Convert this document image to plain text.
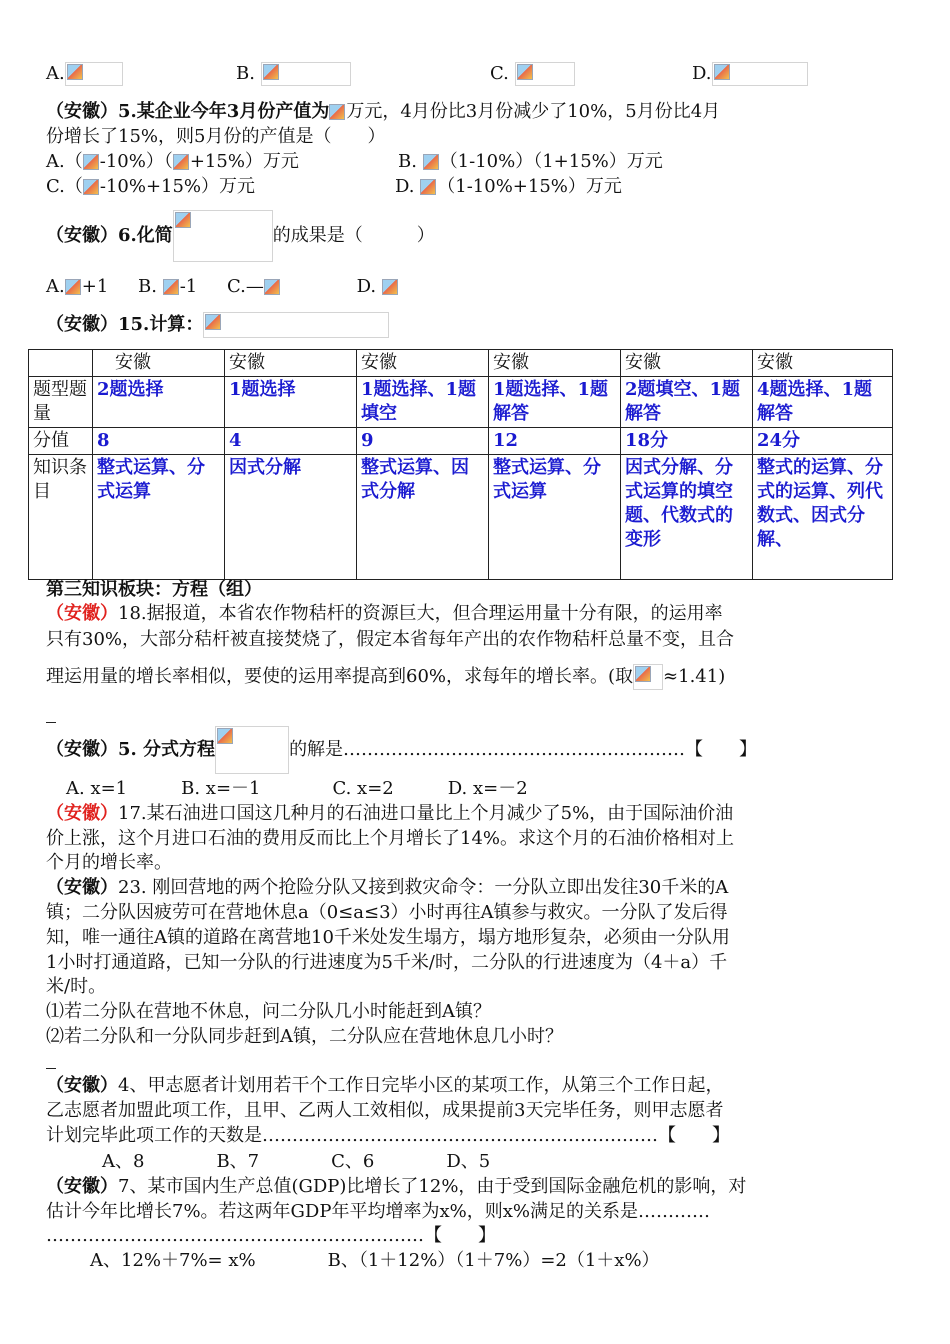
A.	B.	C.	D.
（安徽）5.某企业今年3月份产值为 万元，4月份比3月份减少了10%，5月份比4月
份增长了15%，则5月份的产值是（　　）
A.（ -10%）（ +15%）万元	B. （1-10%）（1+15%）万元
C.（ -10%+15%）万元	D. （1-10%+15%）万元
（安徽）6.化简	的成果是（　　　）
A. +1 B. -1 C.—	D.
（安徽）15.计算：
	安徽	安徽	安徽	安徽	安徽	安徽
题型题量	2题选择	1题选择	1题选择、1题填空	1题选择、1题解答	2题填空、1题解答	4题选择、1题解答
分值	8	4	9	12	18分	24分
知识条目	整式运算、分式运算	因式分解	整式运算、因式分解	整式运算、分式运算	因式分解、分式运算的填空题、代数式的变形	整式的运算、分式的运算、列代数式、因式分解、
第三知识板块：方程（组）
（安徽）18.据报道，本省农作物秸杆的资源巨大，但合理运用量十分有限，的运用率
只有30%，大部分秸杆被直接焚烧了，假定本省每年产出的农作物秸杆总量不变，且合
理运用量的增长率相似，要使的运用率提高到60%，求每年的增长率。(取 ≈1.41)
（安徽）5. 分式方程	的解是…………………………………………………【　　】
A. x=1　　　B. x=－1　　　　C. x=2　　　D. x=－2
（安徽）17.某石油进口国这几种月的石油进口量比上个月减少了5%，由于国际油价油
价上涨，这个月进口石油的费用反而比上个月增长了14%。求这个月的石油价格相对上
个月的增长率。
（安徽）23. 刚回营地的两个抢险分队又接到救灾命令：一分队立即出发往30千米的A
镇；二分队因疲劳可在营地休息a（0≤a≤3）小时再往A镇参与救灾。一分队了发后得
知，唯一通往A镇的道路在离营地10千米处发生塌方，塌方地形复杂，必须由一分队用
1小时打通道路，已知一分队的行进速度为5千米/时，二分队的行进速度为（4＋a）千
米/时。
⑴若二分队在营地不休息，问二分队几小时能赶到A镇？
⑵若二分队和一分队同步赶到A镇，二分队应在营地休息几小时？
（安徽）4、甲志愿者计划用若干个工作日完毕小区的某项工作，从第三个工作日起，
乙志愿者加盟此项工作，且甲、乙两人工效相似，成果提前3天完毕任务，则甲志愿者
计划完毕此项工作的天数是…………………………………………………………【　　】
A、8　　　　B、7　　　　C、6　　　　D、5
（安徽）7、某市国内生产总值(GDP)比增长了12%，由于受到国际金融危机的影响，对
估计今年比增长7%。若这两年GDP年平均增率为x%，则x%满足的关系是…………
………………………………………………………【　　】
A、12%＋7%= x%　　　　B、（1＋12%）（1＋7%）=2（1＋x%）
